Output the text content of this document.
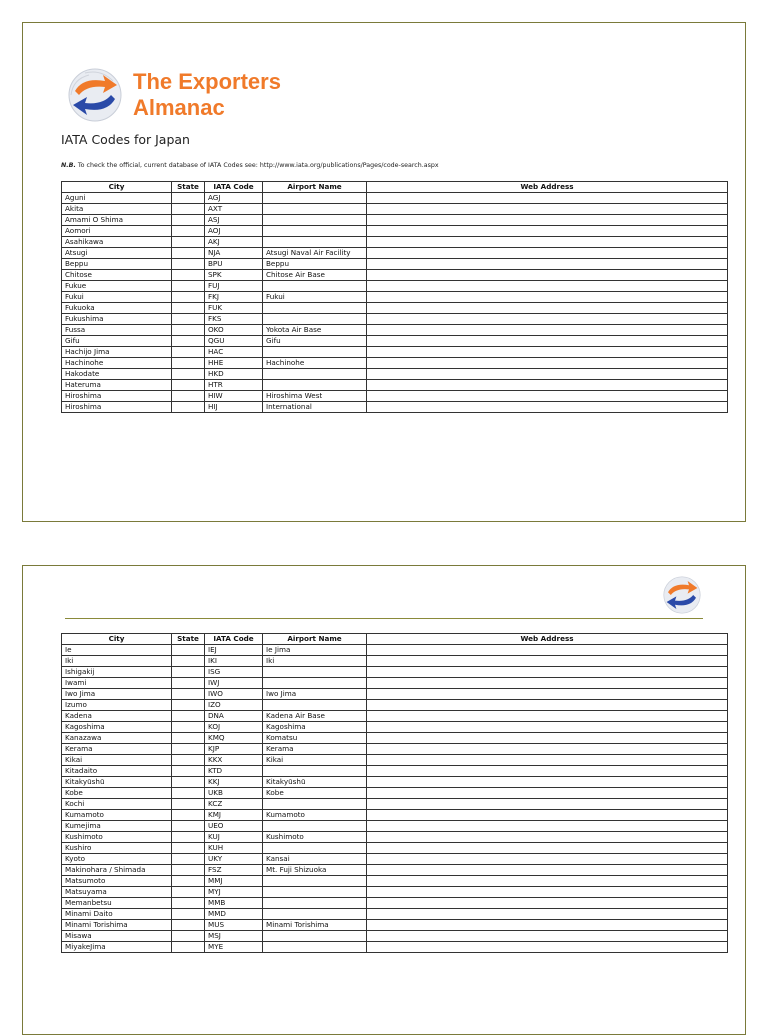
The Exporters
Almanac
IATA Codes for Japan
N.B. To check the official, current database of IATA Codes see: http://www.iata.org/publications/Pages/code-search.aspx
City	State	IATA Code	Airport Name	Web Address
Aguni		AGJ		
Akita		AXT		
Amami O Shima		ASJ		
Aomori		AOJ		
Asahikawa		AKJ		
Atsugi		NJA	Atsugi Naval Air Facility	
Beppu		BPU	Beppu	
Chitose		SPK	Chitose Air Base	
Fukue		FUJ		
Fukui		FKJ	Fukui	
Fukuoka		FUK		
Fukushima		FKS		
Fussa		OKO	Yokota Air Base	
Gifu		QGU	Gifu	
Hachijo Jima		HAC		
Hachinohe		HHE	Hachinohe	
Hakodate		HKD		
Hateruma		HTR		
Hiroshima		HIW	Hiroshima West	
Hiroshima		HIJ	International	
City	State	IATA Code	Airport Name	Web Address
Ie		IEJ	Ie Jima	
Iki		IKI	Iki	
Ishigakij		ISG		
Iwami		IWJ		
Iwo Jima		IWO	Iwo Jima	
Izumo		IZO		
Kadena		DNA	Kadena Air Base	
Kagoshima		KOJ	Kagoshima	
Kanazawa		KMQ	Komatsu	
Kerama		KJP	Kerama	
Kikai		KKX	Kikai	
Kitadaito		KTD		
Kitakyūshū		KKJ	Kitakyūshū	
Kobe		UKB	Kobe	
Kochi		KCZ		
Kumamoto		KMJ	Kumamoto	
Kumejima		UEO		
Kushimoto		KUJ	Kushimoto	
Kushiro		KUH		
Kyoto		UKY	Kansai	
Makinohara / Shimada		FSZ	Mt. Fuji Shizuoka	
Matsumoto		MMJ		
Matsuyama		MYJ		
Memanbetsu		MMB		
Minami Daito		MMD		
Minami Torishima		MUS	Minami Torishima	
Misawa		MSJ		
MiyakeJima		MYE		
